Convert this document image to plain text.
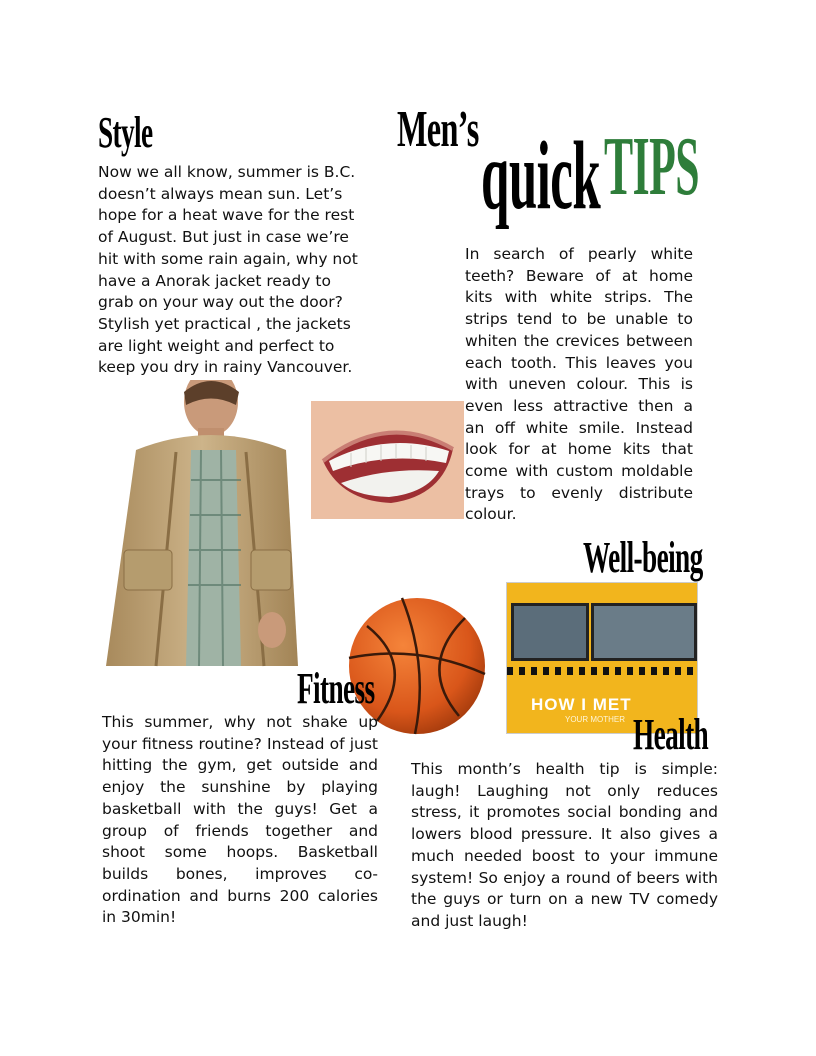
Men’s quick TIPS
Style

Now we all know, summer is B.C. doesn’t always mean sun. Let’s hope for a heat wave for the rest of August. But just in case we’re hit with some rain again, why not have a Anorak jacket ready to grab on your way out the door? Stylish yet practical , the jackets are light weight and perfect to keep you dry in rainy Vancouver.

In search of pearly white teeth? Beware of at home kits with white strips. The strips tend to be unable to whiten the crevices between each tooth. This leaves you with uneven colour. This is even less attractive then a an off white smile. Instead look for at home kits that come with custom moldable trays to evenly distribute colour.

Well-being
HOW I MET
YOUR MOTHER
Fitness

This summer, why not shake up your fitness routine? Instead of just hitting the gym, get outside and enjoy the sunshine by playing basketball with the guys! Get a group of friends together and shoot some hoops. Basketball builds bones, improves coordination and burns 200 calories in 30min!

Health

This month’s health tip is simple: laugh! Laughing not only reduces stress, it promotes social bonding and lowers blood pressure. It also gives a much needed boost to your immune system! So enjoy a round of beers with the guys or turn on a new TV comedy and just laugh!
